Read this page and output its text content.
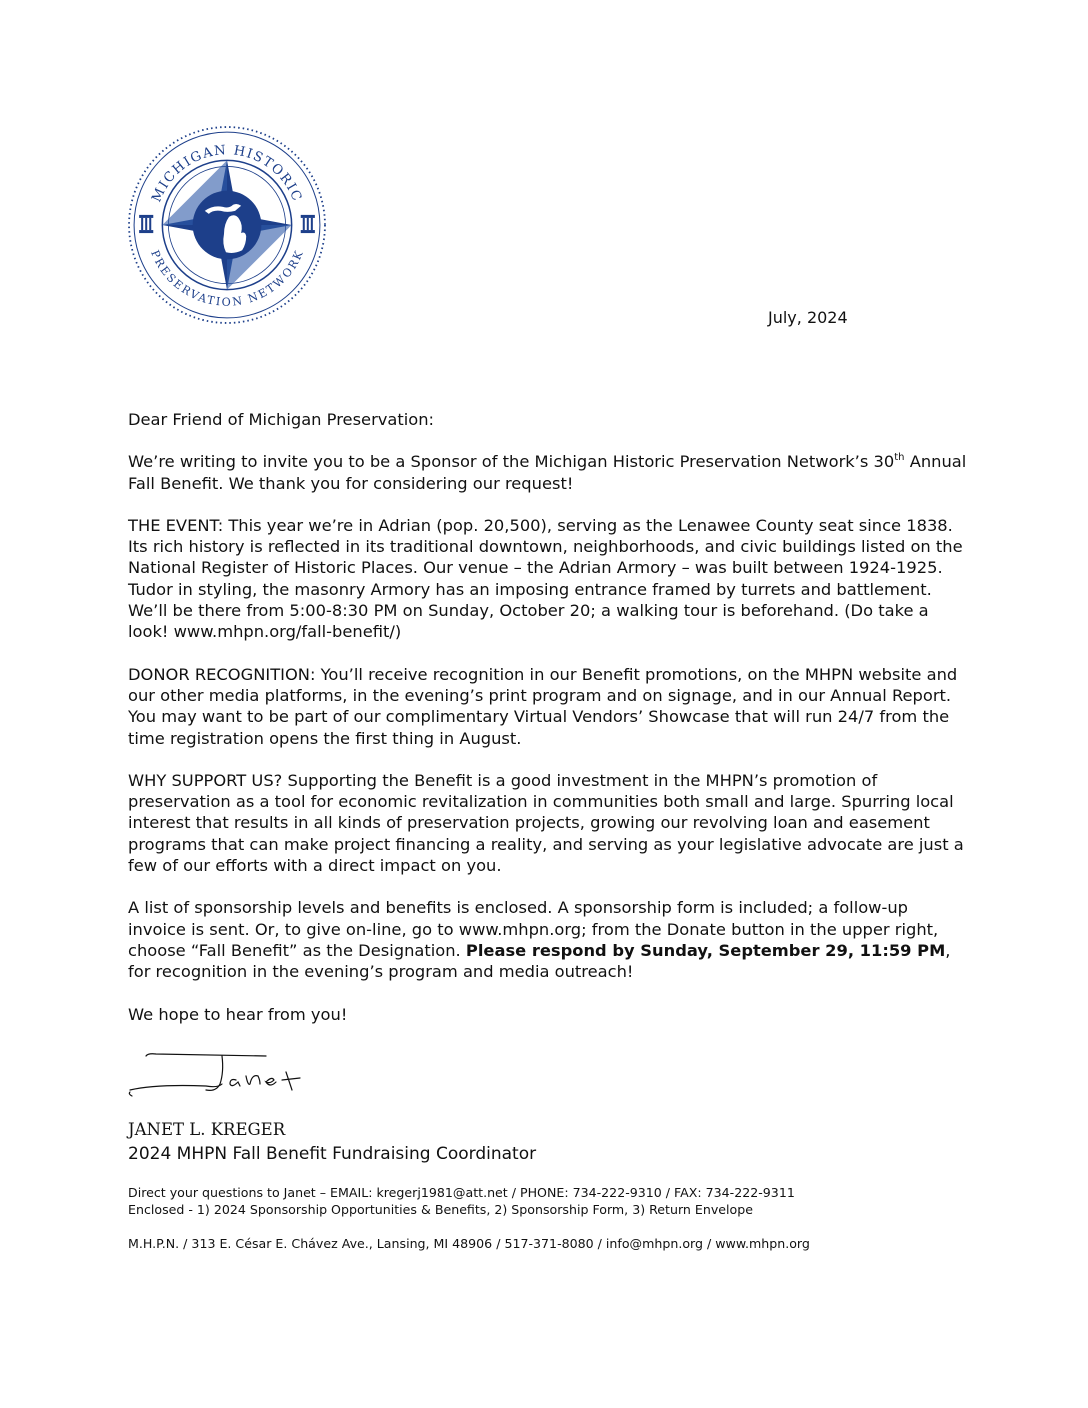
MICHIGAN HISTORIC
PRESERVATION NETWORK
July, 2024

Dear Friend of Michigan Preservation:

We’re writing to invite you to be a Sponsor of the Michigan Historic Preservation Network’s 30th Annual Fall Benefit. We thank you for considering our request!

THE EVENT: This year we’re in Adrian (pop. 20,500), serving as the Lenawee County seat since 1838. Its rich history is reflected in its traditional downtown, neighborhoods, and civic buildings listed on the National Register of Historic Places. Our venue – the Adrian Armory – was built between 1924-1925. Tudor in styling, the masonry Armory has an imposing entrance framed by turrets and battlement. We’ll be there from 5:00-8:30 PM on Sunday, October 20; a walking tour is beforehand. (Do take a look! www.mhpn.org/fall-benefit/)

DONOR RECOGNITION: You’ll receive recognition in our Benefit promotions, on the MHPN website and our other media platforms, in the evening’s print program and on signage, and in our Annual Report. You may want to be part of our complimentary Virtual Vendors’ Showcase that will run 24/7 from the time registration opens the first thing in August.

WHY SUPPORT US? Supporting the Benefit is a good investment in the MHPN’s promotion of preservation as a tool for economic revitalization in communities both small and large. Spurring local interest that results in all kinds of preservation projects, growing our revolving loan and easement programs that can make project financing a reality, and serving as your legislative advocate are just a few of our efforts with a direct impact on you.

A list of sponsorship levels and benefits is enclosed. A sponsorship form is included; a follow-up invoice is sent. Or, to give on-line, go to www.mhpn.org; from the Donate button in the upper right, choose “Fall Benefit” as the Designation. Please respond by Sunday, September 29, 11:59 PM, for recognition in the evening’s program and media outreach!

We hope to hear from you!

JANET L. KREGER
2024 MHPN Fall Benefit Fundraising Coordinator
Direct your questions to Janet – EMAIL: kregerj1981@att.net / PHONE: 734-222-9310 / FAX: 734-222-9311
Enclosed - 1) 2024 Sponsorship Opportunities & Benefits, 2) Sponsorship Form, 3) Return Envelope
M.H.P.N. / 313 E. César E. Chávez Ave., Lansing, MI 48906 / 517-371-8080 / info@mhpn.org / www.mhpn.org
